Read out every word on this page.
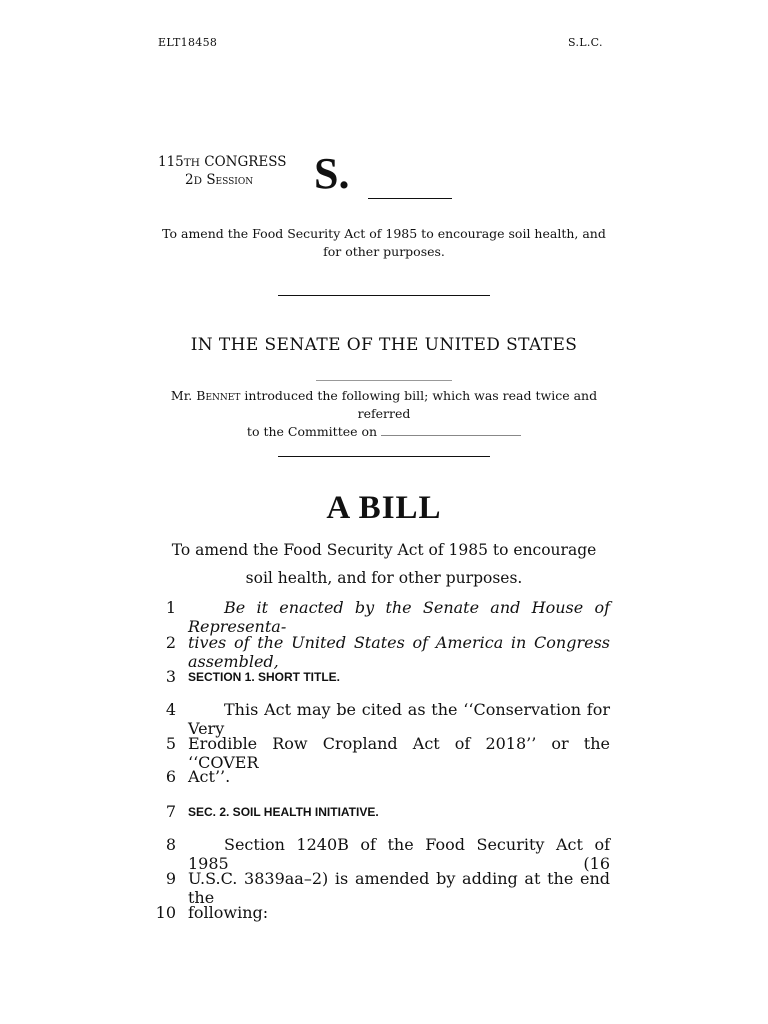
ELT18458	S.L.C.
115TH CONGRESS
2D Session	S.
To amend the Food Security Act of 1985 to encourage soil health, and
for other purposes.
IN THE SENATE OF THE UNITED STATES
Mr. Bennet introduced the following bill; which was read twice and referred
to the Committee on
A BILL
To amend the Food Security Act of 1985 to encourage
soil health, and for other purposes.
1	Be it enacted by the Senate and House of Representa-
2 tives of the United States of America in Congress assembled,
3 SECTION 1. SHORT TITLE.
4	This Act may be cited as the ‘‘Conservation for Very
5 Erodible Row Cropland Act of 2018’’ or the ‘‘COVER
6 Act’’.
7 SEC. 2. SOIL HEALTH INITIATIVE.
8	Section 1240B of the Food Security Act of 1985 (16
9 U.S.C. 3839aa–2) is amended by adding at the end the
10 following:
